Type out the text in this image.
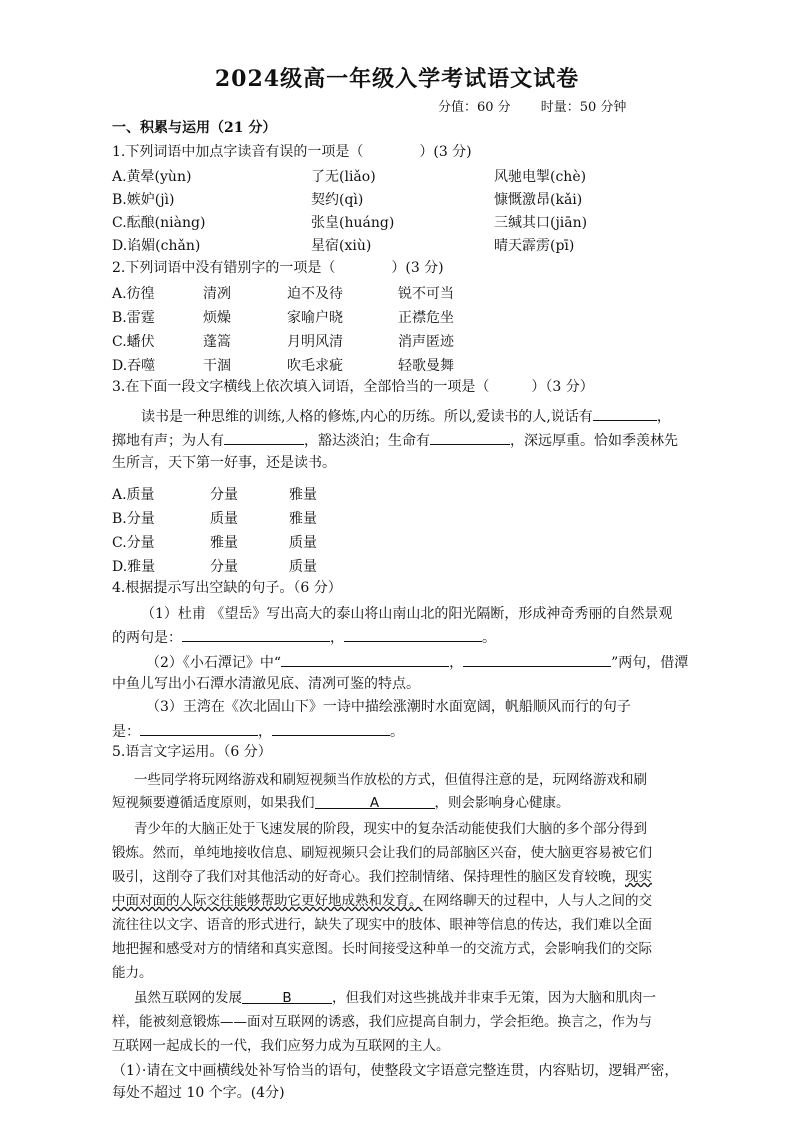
2024级高一年级入学考试语文试卷
分值：60 分 时量：50 分钟
一、积累与运用（21 分）
1.下列词语中加点字读音有误的一项是（　　　　）(3 分)
A.黄晕(yùn)	了无(liǎo)	风驰电掣(chè)
B.嫉妒(jì)	契约(qì)	慷慨激昂(kǎi)
C.酝酿(niàng)	张皇(huáng)	三缄其口(jiān)
D.谄媚(chǎn)	星宿(xiù)	晴天霹雳(pī)
2.下列词语中没有错别字的一项是（　　　　）(3 分)
A.彷徨	清冽	迫不及待	锐不可当
B.雷霆	烦燥	家喻户晓	正襟危坐
C.蟠伏	蓬篙	月明风清	消声匿迹
D.吞噬	干涸	吹毛求疵	轻歌曼舞
3.在下面一段文字横线上依次填入词语，全部恰当的一项是（　　　）（3 分）
读书是一种思维的训练,人格的修炼,内心的历练。所以,爱读书的人,说话有	，
掷地有声；为人有	，豁达淡泊；生命有	，深远厚重。恰如季羡林先
生所言，天下第一好事，还是读书。
A.质量	分量	雅量
B.分量	质量	雅量
C.分量	雅量	质量
D.雅量	分量	质量
4.根据提示写出空缺的句子。（6 分）
（1）杜甫 《望岳》写出高大的泰山将山南山北的阳光隔断，形成神奇秀丽的自然景观
的两句是：	，	。
（2）《小石潭记》中“	，	”两句，借潭
中鱼儿写出小石潭水清澈见底、清冽可鉴的特点。
（3）王湾在《次北固山下》一诗中描绘涨潮时水面宽阔，帆船顺风而行的句子
是：	，	。
5.语言文字运用。（6 分）
一些同学将玩网络游戏和刷短视频当作放松的方式，但值得注意的是，玩网络游戏和刷
短视频要遵循适度原则，如果我们	A	，则会影响身心健康。
青少年的大脑正处于飞速发展的阶段，现实中的复杂活动能使我们大脑的多个部分得到
锻炼。然而，单纯地接收信息、刷短视频只会让我们的局部脑区兴奋，使大脑更容易被它们
吸引，这削夺了我们对其他活动的好奇心。我们控制情绪、保持理性的脑区发育较晚，现实
中面对面的人际交往能够帮助它更好地成熟和发育。在网络聊天的过程中，人与人之间的交
流往往以文字、语音的形式进行，缺失了现实中的肢体、眼神等信息的传达，我们难以全面
地把握和感受对方的情绪和真实意图。长时间接受这种单一的交流方式，会影响我们的交际
能力。
虽然互联网的发展	B	，但我们对这些挑战并非束手无策，因为大脑和肌肉一
样，能被刻意锻炼——面对互联网的诱惑，我们应提高自制力，学会拒绝。换言之，作为与
互联网一起成长的一代，我们应努力成为互联网的主人。
（1）·请在文中画横线处补写恰当的语句，使整段文字语意完整连贯，内容贴切，逻辑严密，
每处不超过 10 个字。(4分)
